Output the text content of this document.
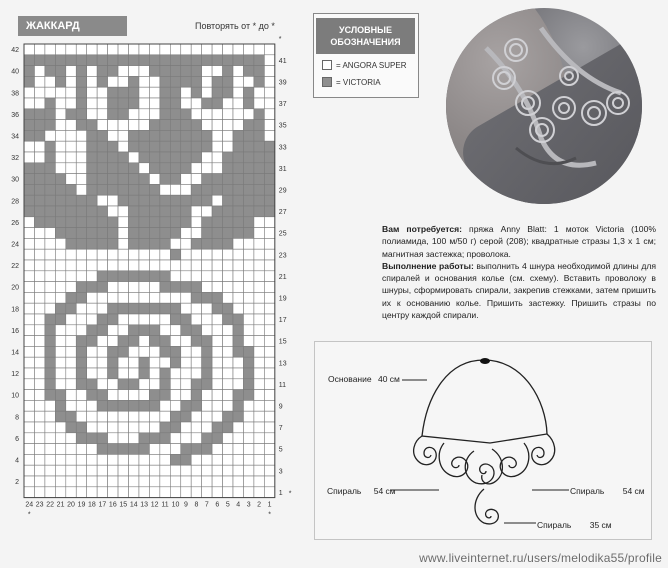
ЖАККАРД	Повторять от * до *
42
40
38
36
34
32
30
28
26
24
22
20
18
16
14
12
10
8
6
4
2
41
39
37
35
33
31
29
27
25
23
21
19
17
15
13
11
9
7
5
3
1
24 23 22 21 20 19 18 17 16 15 14 13 12 11 10 9 8 7 6 5 4 3 2 1
*
*
*	*
УСЛОВНЫЕ
ОБОЗНАЧЕНИЯ
= ANGORA SUPER
= VICTORIA
Вам потребуется: пряжа Anny Blatt: 1 моток Victoria (100% полиамида, 100 м/50 г) серой (208); квадратные стразы 1,3 х 1 см; магнитная застежка; проволока.
Выполнение работы: выполнить 4 шнура необходимой длины для спиралей и основания колье (см. схему). Вставить проволоку в шнуры, сформировать спирали, закрепив стежками, затем пришить их к основанию колье. Пришить застежку. Пришить стразы по центру каждой спирали.
Основание 40 см
Спираль 54 см	Спираль 54 см
Спираль 35 см
www.liveinternet.ru/users/melodika55/profile
